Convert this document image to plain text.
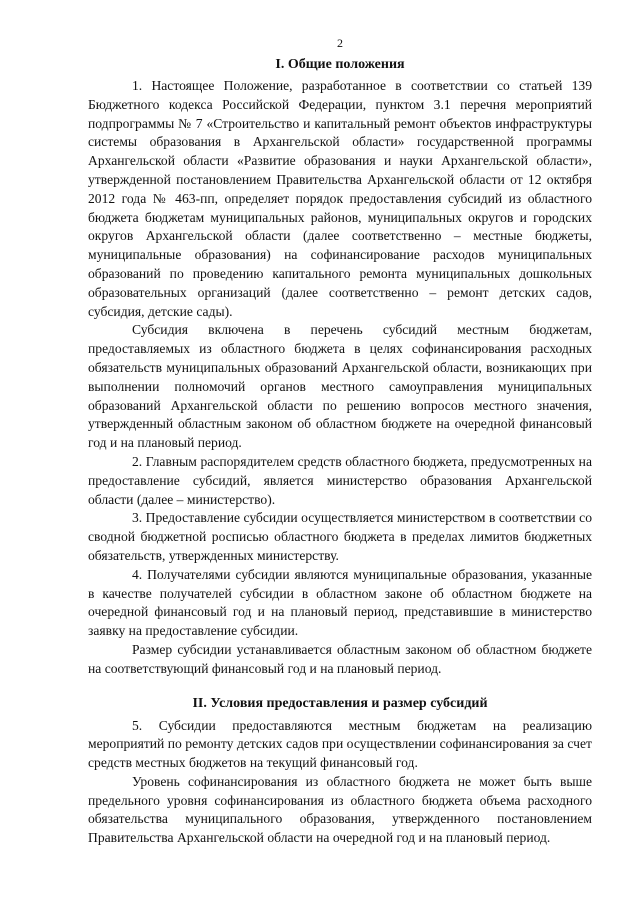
2
I. Общие положения

1. Настоящее Положение, разработанное в соответствии со статьей 139 Бюджетного кодекса Российской Федерации, пунктом 3.1 перечня мероприятий подпрограммы № 7 «Строительство и капитальный ремонт объектов инфраструктуры системы образования в Архангельской области» государственной программы Архангельской области «Развитие образования и науки Архангельской области», утвержденной постановлением Правительства Архангельской области от 12 октября 2012 года № 463-пп, определяет порядок предоставления субсидий из областного бюджета бюджетам муниципальных районов, муниципальных округов и городских округов Архангельской области (далее соответственно – местные бюджеты, муниципальные образования) на софинансирование расходов муниципальных образований по проведению капитального ремонта муниципальных дошкольных образовательных организаций (далее соответственно – ремонт детских садов, субсидия, детские сады).

Субсидия включена в перечень субсидий местным бюджетам, предоставляемых из областного бюджета в целях софинансирования расходных обязательств муниципальных образований Архангельской области, возникающих при выполнении полномочий органов местного самоуправления муниципальных образований Архангельской области по решению вопросов местного значения, утвержденный областным законом об областном бюджете на очередной финансовый год и на плановый период.

2. Главным распорядителем средств областного бюджета, предусмотренных на предоставление субсидий, является министерство образования Архангельской области (далее – министерство).

3. Предоставление субсидии осуществляется министерством в соответствии со сводной бюджетной росписью областного бюджета в пределах лимитов бюджетных обязательств, утвержденных министерству.

4. Получателями субсидии являются муниципальные образования, указанные в качестве получателей субсидии в областном законе об областном бюджете на очередной финансовый год и на плановый период, представившие в министерство заявку на предоставление субсидии.

Размер субсидии устанавливается областным законом об областном бюджете на соответствующий финансовый год и на плановый период.

II. Условия предоставления и размер субсидий

5. Субсидии предоставляются местным бюджетам на реализацию мероприятий по ремонту детских садов при осуществлении софинансирования за счет средств местных бюджетов на текущий финансовый год.

Уровень софинансирования из областного бюджета не может быть выше предельного уровня софинансирования из областного бюджета объема расходного обязательства муниципального образования, утвержденного постановлением Правительства Архангельской области на очередной год и на плановый период.
